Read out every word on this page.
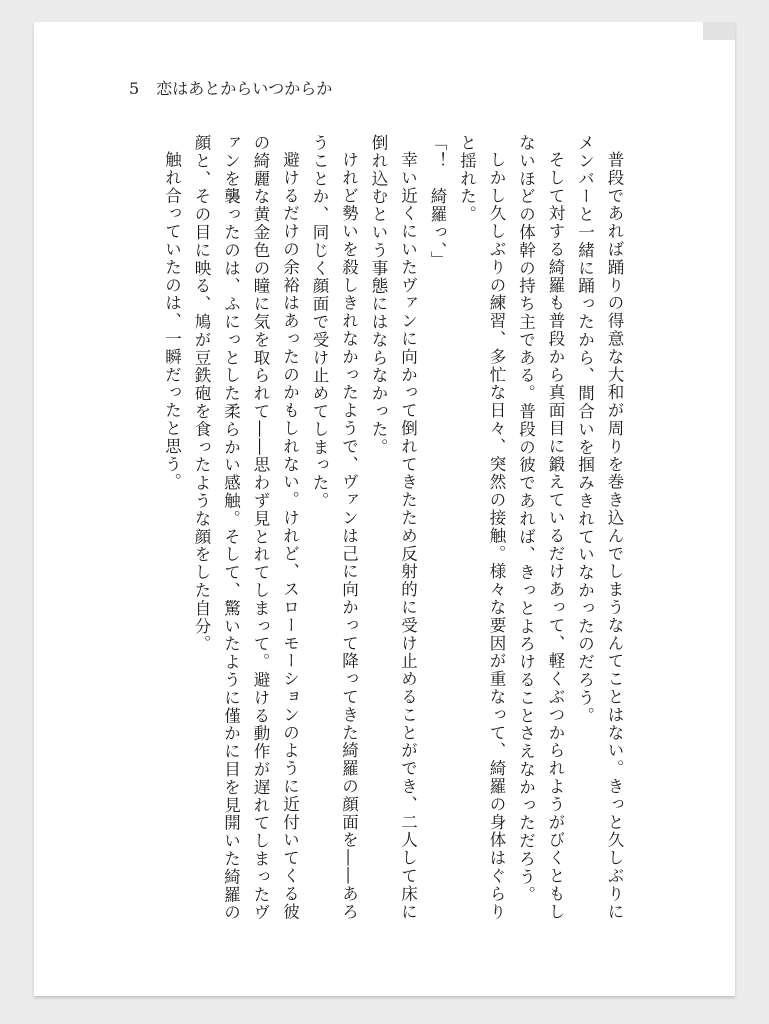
5 恋はあとからいつからか

普段であれば踊りの得意な大和が周りを巻き込んでしまうなんてことはない。きっと久しぶりにメンバーと一緒に踊ったから、間合いを掴みきれていなかったのだろう。

そして対する綺羅も普段から真面目に鍛えているだけあって、軽くぶつかられようがびくともしないほどの体幹の持ち主である。普段の彼であれば、きっとよろけることさえなかっただろう。

しかし久しぶりの練習、多忙な日々、突然の接触。様々な要因が重なって、綺羅の身体はぐらりと揺れた。

「！　綺羅っ、」

幸い近くにいたヴァンに向かって倒れてきたため反射的に受け止めることができ、二人して床に倒れ込むという事態にはならなかった。

けれど勢いを殺しきれなかったようで、ヴァンは己に向かって降ってきた綺羅の顔面を――あろうことか、同じく顔面で受け止めてしまった。

避けるだけの余裕はあったのかもしれない。けれど、スローモーションのように近付いてくる彼の綺麗な黄金色の瞳に気を取られて――思わず見とれてしまって。避ける動作が遅れてしまったヴァンを襲ったのは、ふにっとした柔らかい感触。そして、驚いたように僅かに目を見開いた綺羅の顔と、その目に映る、鳩が豆鉄砲を食ったような顔をした自分。

触れ合っていたのは、一瞬だったと思う。
